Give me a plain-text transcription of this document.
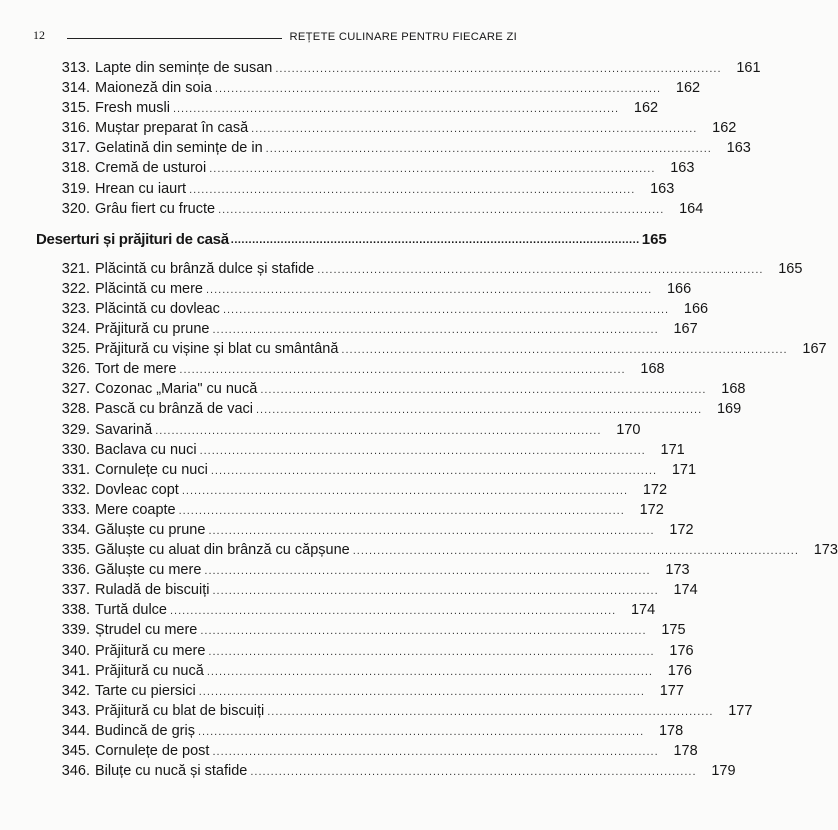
12	REȚETE CULINARE PENTRU FIECARE ZI
313. Lapte din semințe de susan ..............................................................................................................	161
314. Maioneză din soia ..............................................................................................................	162
315. Fresh musli ..............................................................................................................	162
316. Muștar preparat în casă ..............................................................................................................	162
317. Gelatină din semințe de in ..............................................................................................................	163
318. Cremă de usturoi ..............................................................................................................	163
319. Hrean cu iaurt ..............................................................................................................	163
320. Grâu fiert cu fructe ..............................................................................................................	164
Deserturi și prăjituri de casă ................................................................................................................... 165
321. Plăcintă cu brânză dulce și stafide ..............................................................................................................	165
322. Plăcintă cu mere ..............................................................................................................	166
323. Plăcintă cu dovleac ..............................................................................................................	166
324. Prăjitură cu prune ..............................................................................................................	167
325. Prăjitură cu vișine și blat cu smântână ..............................................................................................................	167
326. Tort de mere ..............................................................................................................	168
327. Cozonac „Maria" cu nucă ..............................................................................................................	168
328. Pască cu brânză de vaci ..............................................................................................................	169
329. Savarină ..............................................................................................................	170
330. Baclava cu nuci ..............................................................................................................	171
331. Cornulețe cu nuci ..............................................................................................................	171
332. Dovleac copt ..............................................................................................................	172
333. Mere coapte ..............................................................................................................	172
334. Găluște cu prune ..............................................................................................................	172
335. Găluște cu aluat din brânză cu căpșune ..............................................................................................................	173
336. Găluște cu mere ..............................................................................................................	173
337. Ruladă de biscuiți ..............................................................................................................	174
338. Turtă dulce ..............................................................................................................	174
339. Ștrudel cu mere ..............................................................................................................	175
340. Prăjitură cu mere ..............................................................................................................	176
341. Prăjitură cu nucă ..............................................................................................................	176
342. Tarte cu piersici ..............................................................................................................	177
343. Prăjitură cu blat de biscuiți ..............................................................................................................	177
344. Budincă de griș ..............................................................................................................	178
345. Cornulețe de post ..............................................................................................................	178
346. Biluțe cu nucă și stafide ..............................................................................................................	179
